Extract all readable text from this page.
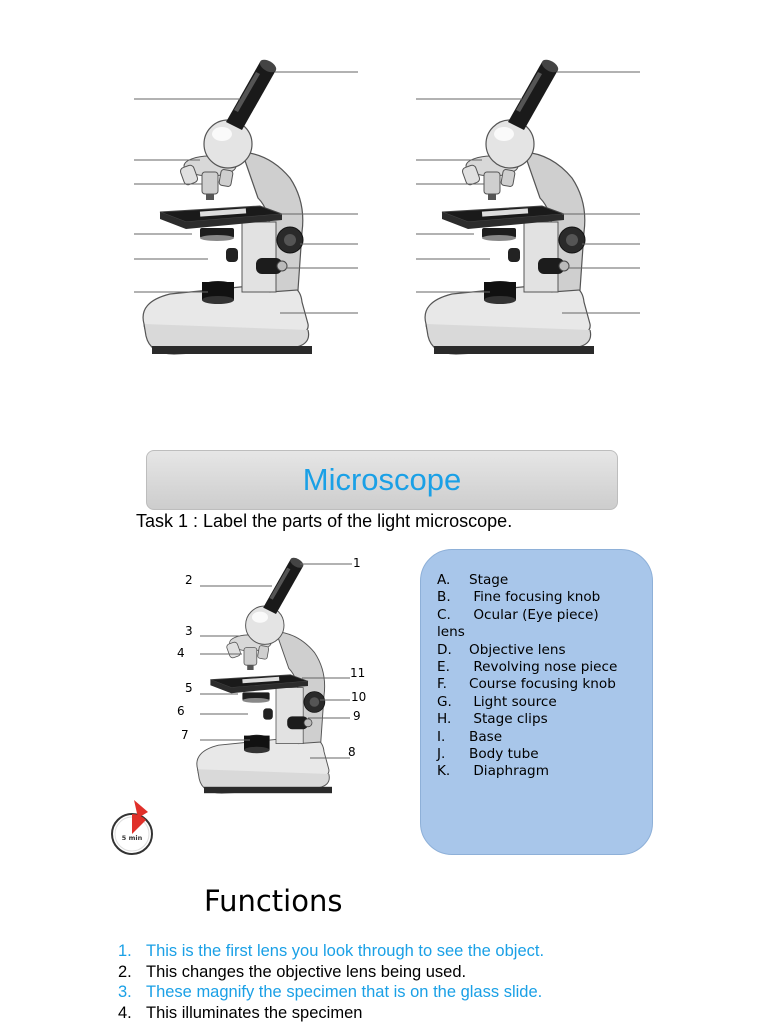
Microscope
Task 1 : Label the parts of the light microscope.
1
2
3
4
5
6
7
8
9
10
11
A. Stage
B. Fine focusing knob
C. Ocular (Eye piece)
lens
D. Objective lens
E. Revolving nose piece
F. Course focusing knob
G. Light source
H. Stage clips
I. Base
J. Body tube
K. Diaphragm
5 min
Functions
1. This is the first lens you look through to see the object.
2. This changes the objective lens being used.
3. These magnify the specimen that is on the glass slide.
4. This illuminates the specimen
